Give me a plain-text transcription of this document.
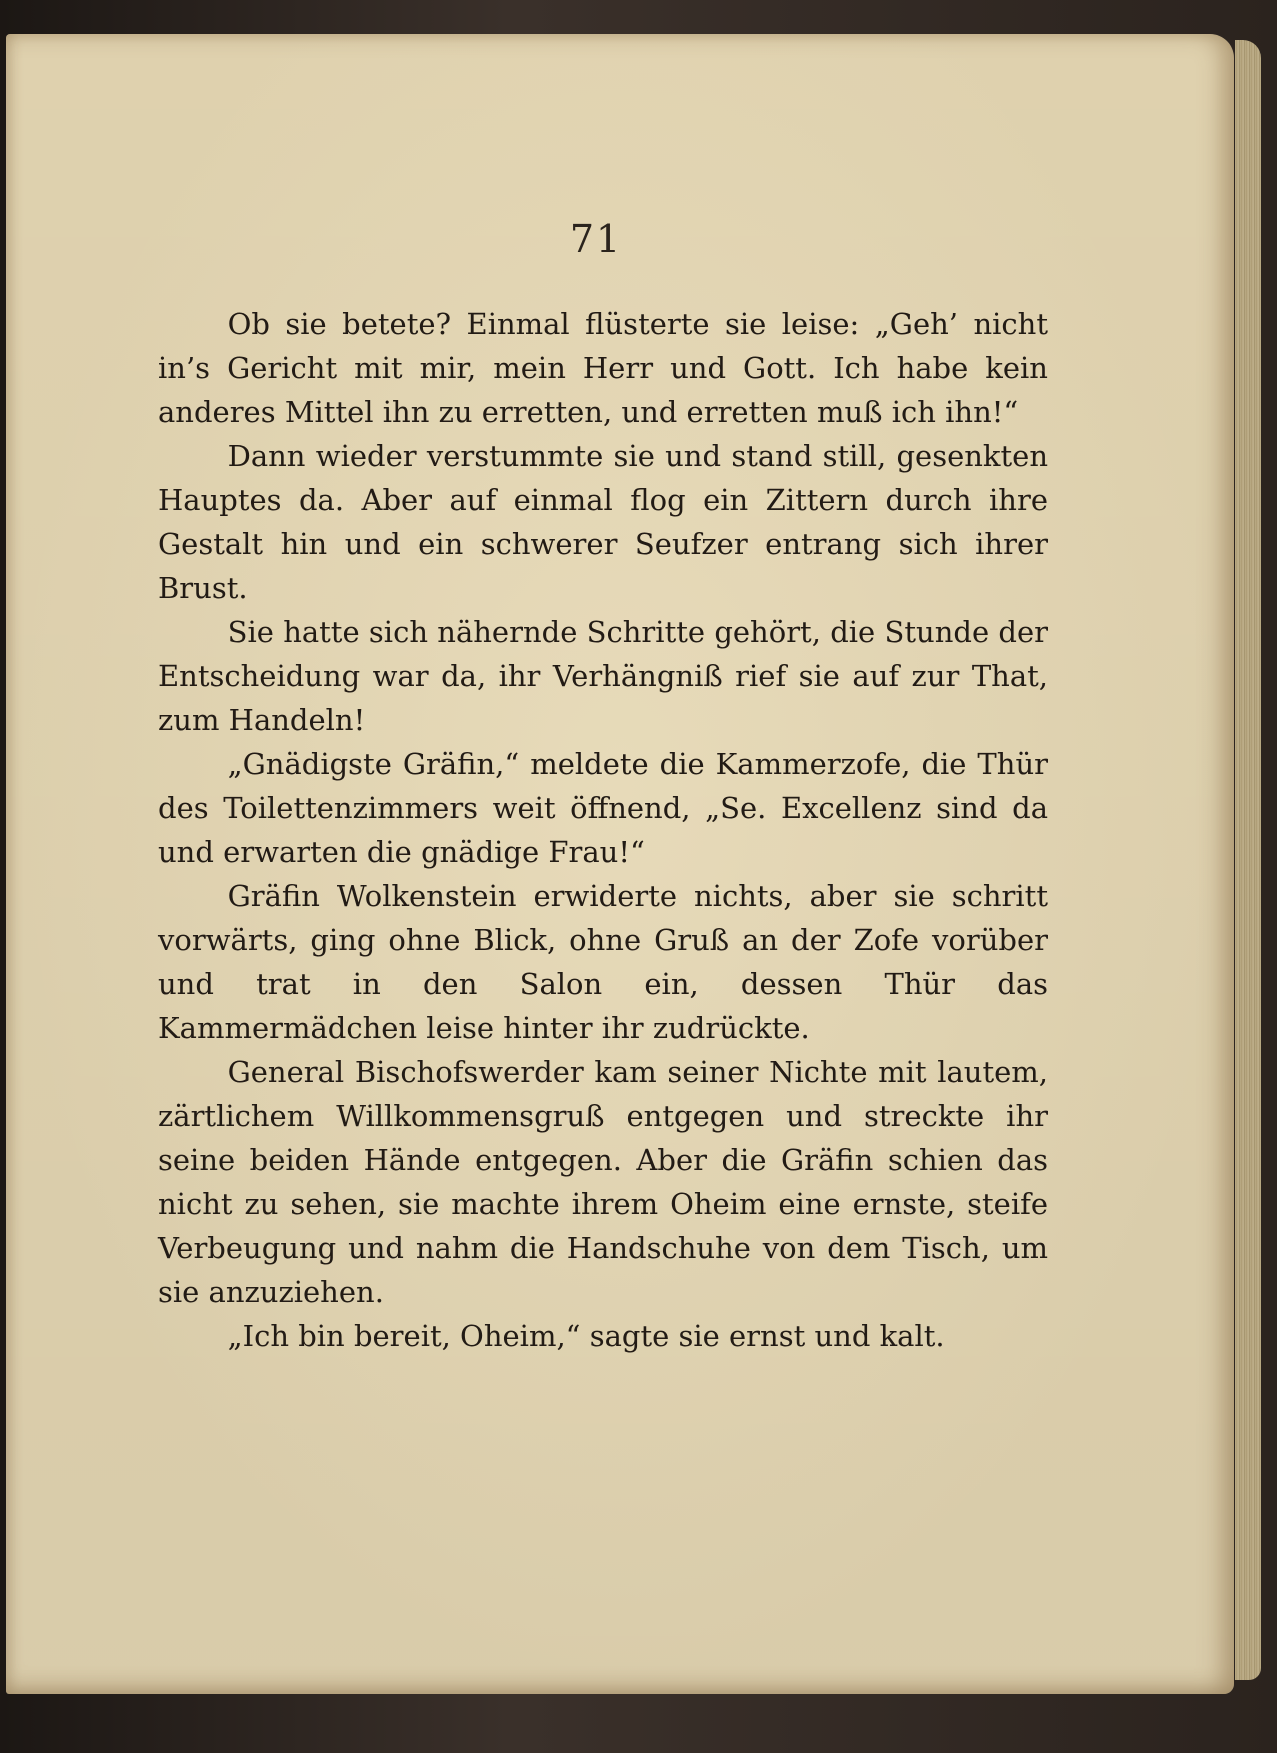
71

Ob sie betete? Einmal flüsterte sie leise: „Geh’ nicht in’s Gericht mit mir, mein Herr und Gott. Ich habe kein anderes Mittel ihn zu erretten, und erretten muß ich ihn!“

Dann wieder verstummte sie und stand still, gesenkten Hauptes da. Aber auf einmal flog ein Zittern durch ihre Gestalt hin und ein schwerer Seufzer entrang sich ihrer Brust.

Sie hatte sich nähernde Schritte gehört, die Stunde der Entscheidung war da, ihr Verhängniß rief sie auf zur That, zum Handeln!

„Gnädigste Gräfin,“ meldete die Kammerzofe, die Thür des Toilettenzimmers weit öffnend, „Se. Excellenz sind da und erwarten die gnädige Frau!“

Gräfin Wolkenstein erwiderte nichts, aber sie schritt vorwärts, ging ohne Blick, ohne Gruß an der Zofe vorüber und trat in den Salon ein, dessen Thür das Kammermädchen leise hinter ihr zudrückte.

General Bischofswerder kam seiner Nichte mit lautem, zärtlichem Willkommensgruß entgegen und streckte ihr seine beiden Hände entgegen. Aber die Gräfin schien das nicht zu sehen, sie machte ihrem Oheim eine ernste, steife Verbeugung und nahm die Handschuhe von dem Tisch, um sie anzuziehen.

„Ich bin bereit, Oheim,“ sagte sie ernst und kalt.
